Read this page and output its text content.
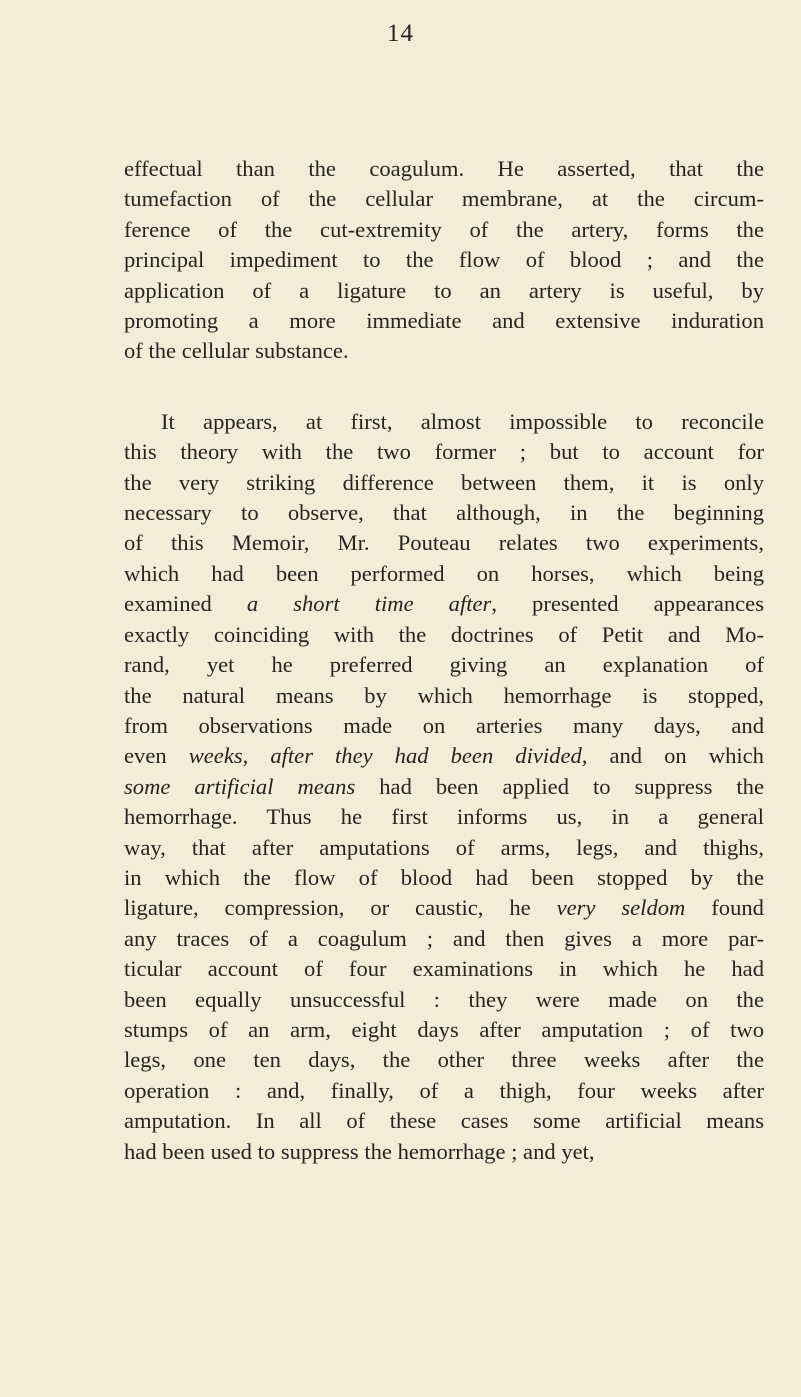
14
effectual than the coagulum. He asserted, that the
tumefaction of the cellular membrane, at the circum-
ference of the cut-extremity of the artery, forms the
principal impediment to the flow of blood ; and the
application of a ligature to an artery is useful, by
promoting a more immediate and extensive induration
of the cellular substance.
It appears, at first, almost impossible to reconcile
this theory with the two former ; but to account for
the very striking difference between them, it is only
necessary to observe, that although, in the beginning
of this Memoir, Mr. Pouteau relates two experiments,
which had been performed on horses, which being
examined a short time after, presented appearances
exactly coinciding with the doctrines of Petit and Mo-
rand, yet he preferred giving an explanation of
the natural means by which hemorrhage is stopped,
from observations made on arteries many days, and
even weeks, after they had been divided, and on which
some artificial means had been applied to suppress the
hemorrhage. Thus he first informs us, in a general
way, that after amputations of arms, legs, and thighs,
in which the flow of blood had been stopped by the
ligature, compression, or caustic, he very seldom found
any traces of a coagulum ; and then gives a more par-
ticular account of four examinations in which he had
been equally unsuccessful : they were made on the
stumps of an arm, eight days after amputation ; of two
legs, one ten days, the other three weeks after the
operation : and, finally, of a thigh, four weeks after
amputation. In all of these cases some artificial means
had been used to suppress the hemorrhage ; and yet,
